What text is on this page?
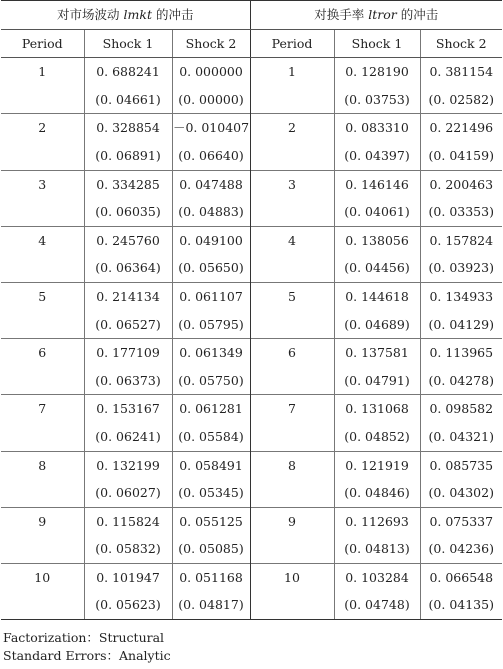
对市场波动 lmkt 的冲击			对换手率 ltror 的冲击		
Period	Shock 1	Shock 2	Period	Shock 1	Shock 2
1	0. 688241	0. 000000	1	0. 128190	0. 381154
	(0. 04661)	(0. 00000)		(0. 03753)	(0. 02582)
2	0. 328854	－0. 010407	2	0. 083310	0. 221496
	(0. 06891)	(0. 06640)		(0. 04397)	(0. 04159)
3	0. 334285	0. 047488	3	0. 146146	0. 200463
	(0. 06035)	(0. 04883)		(0. 04061)	(0. 03353)
4	0. 245760	0. 049100	4	0. 138056	0. 157824
	(0. 06364)	(0. 05650)		(0. 04456)	(0. 03923)
5	0. 214134	0. 061107	5	0. 144618	0. 134933
	(0. 06527)	(0. 05795)		(0. 04689)	(0. 04129)
6	0. 177109	0. 061349	6	0. 137581	0. 113965
	(0. 06373)	(0. 05750)		(0. 04791)	(0. 04278)
7	0. 153167	0. 061281	7	0. 131068	0. 098582
	(0. 06241)	(0. 05584)		(0. 04852)	(0. 04321)
8	0. 132199	0. 058491	8	0. 121919	0. 085735
	(0. 06027)	(0. 05345)		(0. 04846)	(0. 04302)
9	0. 115824	0. 055125	9	0. 112693	0. 075337
	(0. 05832)	(0. 05085)		(0. 04813)	(0. 04236)
10	0. 101947	0. 051168	10	0. 103284	0. 066548
	(0. 05623)	(0. 04817)		(0. 04748)	(0. 04135)
Factorization：Structural
Standard Errors：Analytic
